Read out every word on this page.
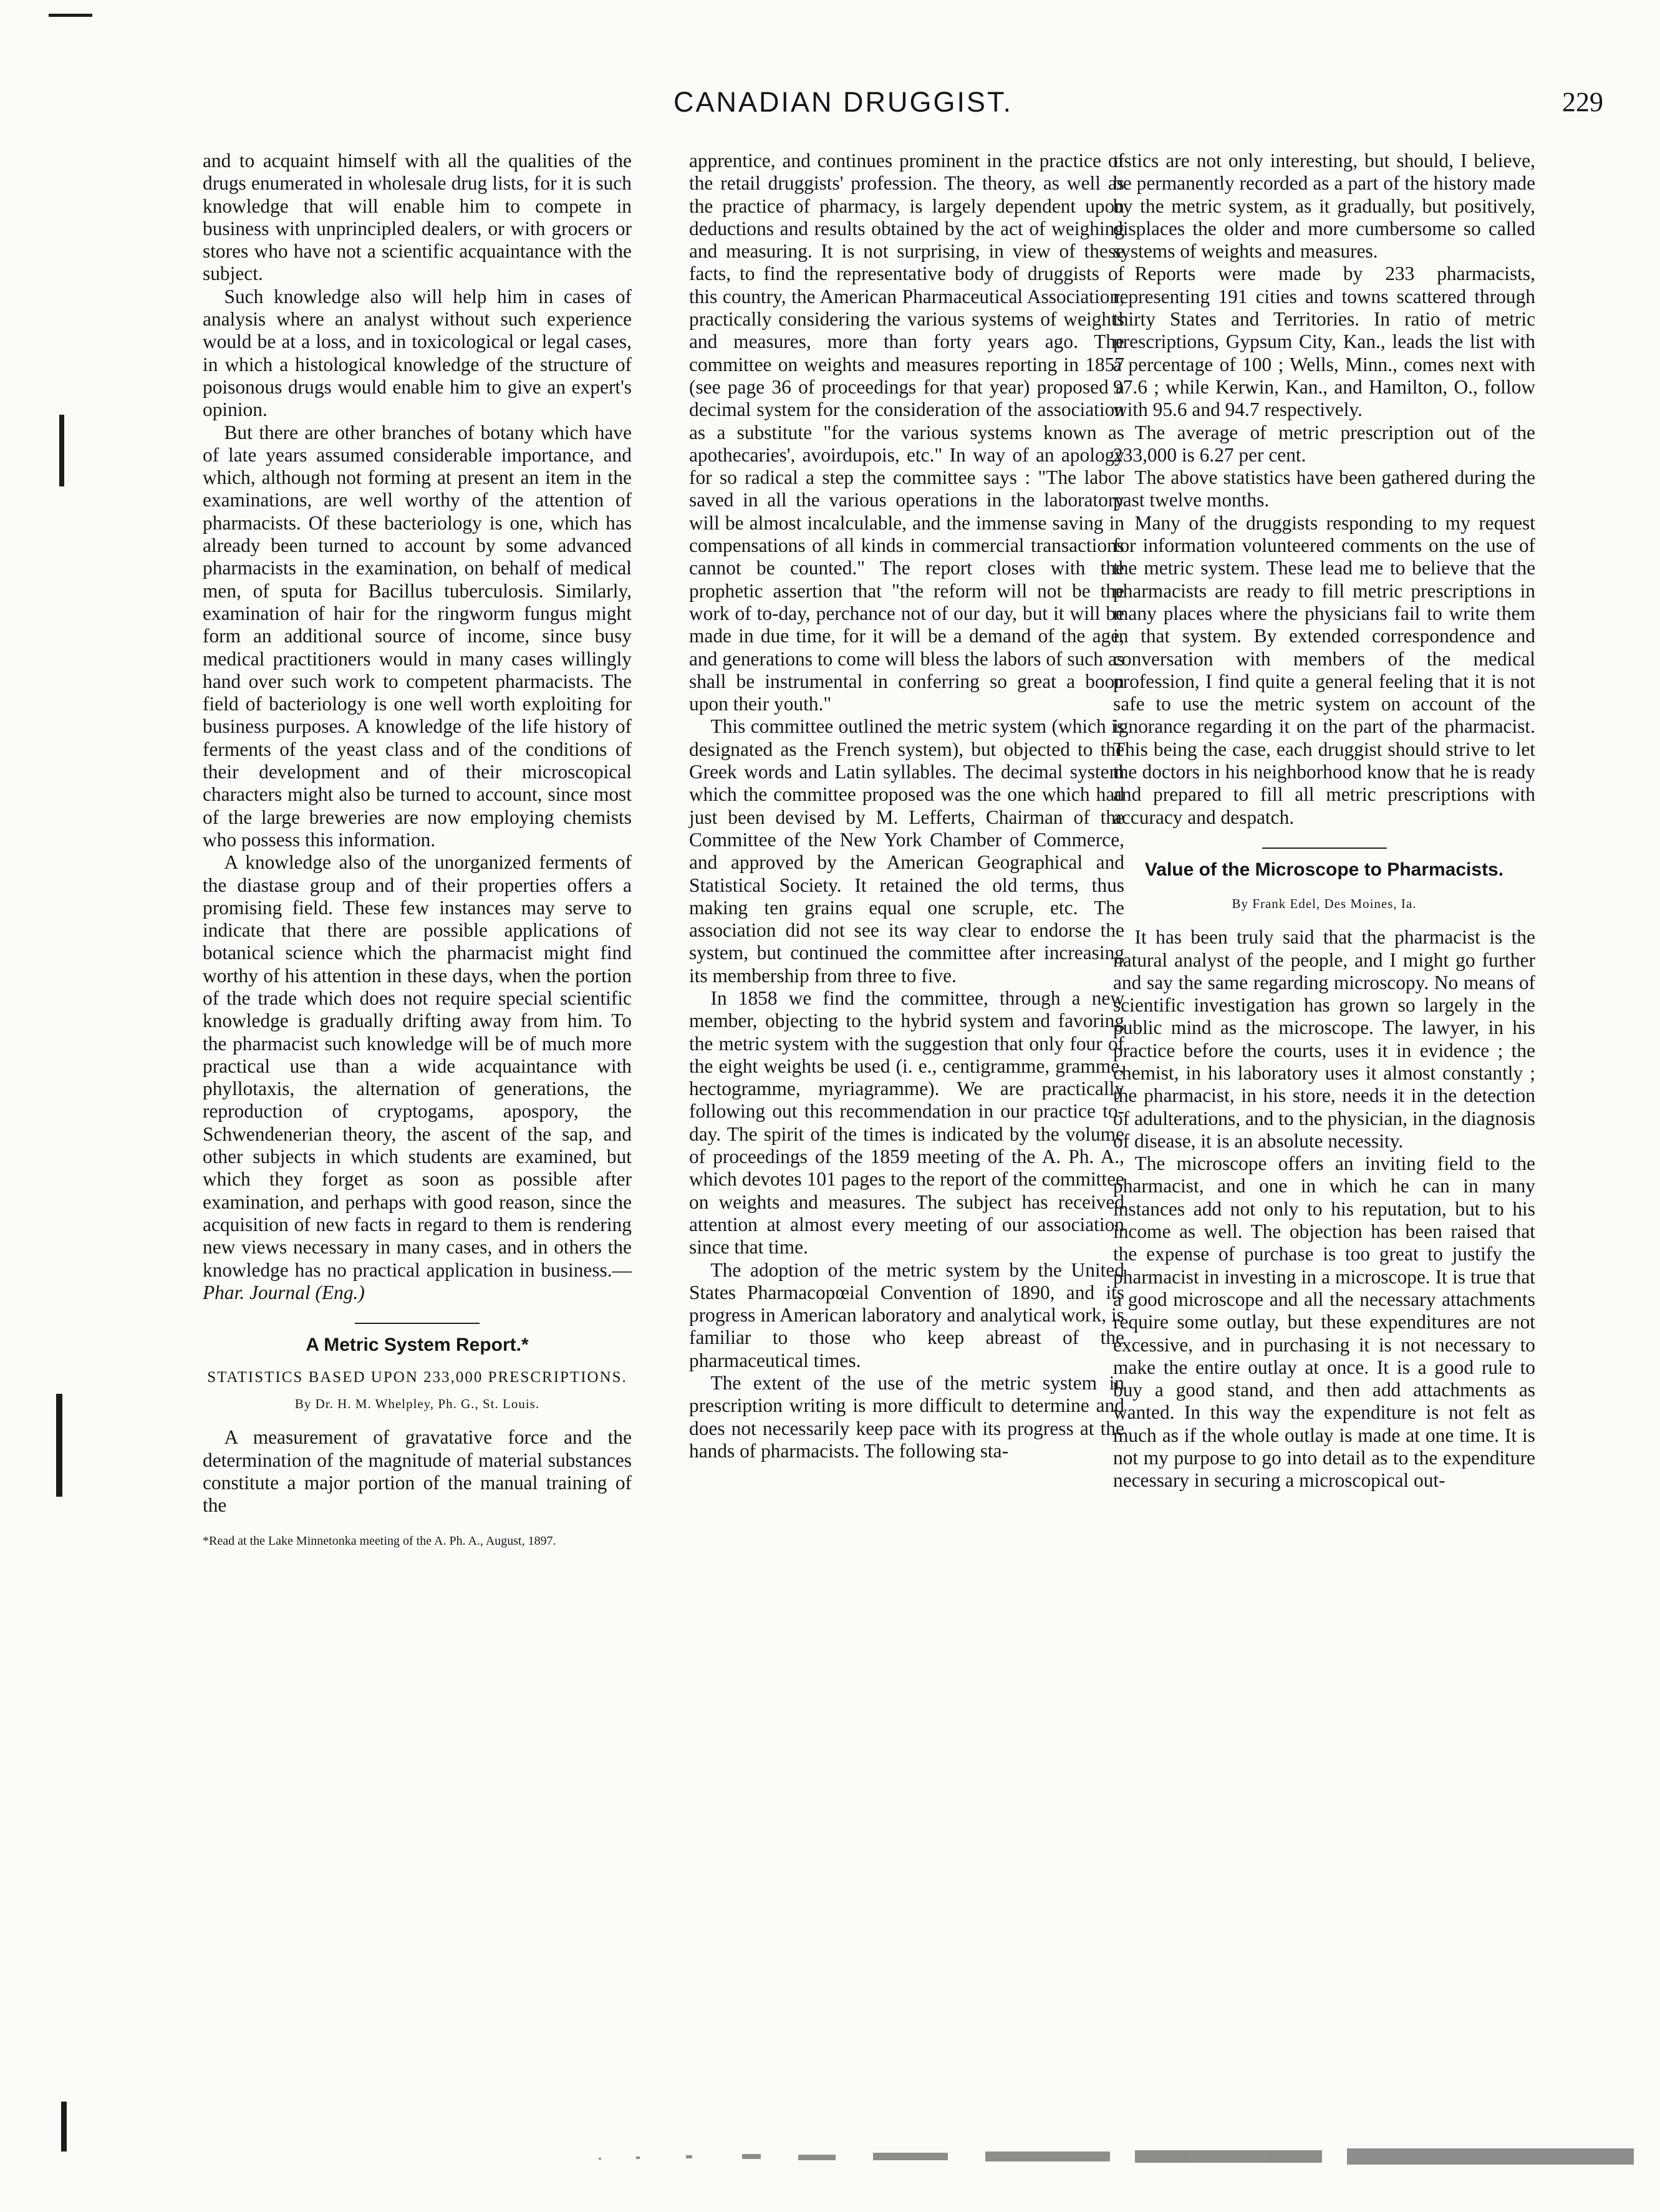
CANADIAN DRUGGIST.	229

and to acquaint himself with all the qualities of the drugs enumerated in wholesale drug lists, for it is such knowledge that will enable him to compete in business with unprincipled dealers, or with grocers or stores who have not a scientific acquaintance with the subject.

Such knowledge also will help him in cases of analysis where an analyst without such experience would be at a loss, and in toxicological or legal cases, in which a histological knowledge of the structure of poisonous drugs would enable him to give an expert's opinion.

But there are other branches of botany which have of late years assumed considerable importance, and which, although not forming at present an item in the examinations, are well worthy of the attention of pharmacists. Of these bacteriology is one, which has already been turned to account by some advanced pharmacists in the examination, on behalf of medical men, of sputa for Bacillus tuberculosis. Similarly, examination of hair for the ringworm fungus might form an additional source of income, since busy medical practitioners would in many cases willingly hand over such work to competent pharmacists. The field of bacteriology is one well worth exploiting for business purposes. A knowledge of the life history of ferments of the yeast class and of the conditions of their development and of their microscopical characters might also be turned to account, since most of the large breweries are now employing chemists who possess this information.

A knowledge also of the unorganized ferments of the diastase group and of their properties offers a promising field. These few instances may serve to indicate that there are possible applications of botanical science which the pharmacist might find worthy of his attention in these days, when the portion of the trade which does not require special scientific knowledge is gradually drifting away from him. To the pharmacist such knowledge will be of much more practical use than a wide acquaintance with phyllotaxis, the alternation of generations, the reproduction of cryptogams, apospory, the Schwendenerian theory, the ascent of the sap, and other subjects in which students are examined, but which they forget as soon as possible after examination, and perhaps with good reason, since the acquisition of new facts in regard to them is rendering new views necessary in many cases, and in others the knowledge has no practical application in business.— Phar. Journal (Eng.)

A Metric System Report.*
STATISTICS BASED UPON 233,000 PRESCRIPTIONS.
By Dr. H. M. Whelpley, Ph. G., St. Louis.

A measurement of gravatative force and the determination of the magnitude of material substances constitute a major portion of the manual training of the

*Read at the Lake Minnetonka meeting of the A. Ph. A., August, 1897.

apprentice, and continues prominent in the practice of the retail druggists' profession. The theory, as well as the practice of pharmacy, is largely dependent upon deductions and results obtained by the act of weighing and measuring. It is not surprising, in view of these facts, to find the representative body of druggists of this country, the American Pharmaceutical Association, practically considering the various systems of weights and measures, more than forty years ago. The committee on weights and measures reporting in 1857 (see page 36 of proceedings for that year) proposed a decimal system for the consideration of the association as a substitute "for the various systems known as apothecaries', avoirdupois, etc." In way of an apology for so radical a step the committee says : "The labor saved in all the various operations in the laboratory will be almost incalculable, and the immense saving in compensations of all kinds in commercial transactions cannot be counted." The report closes with the prophetic assertion that "the reform will not be the work of to-day, perchance not of our day, but it will be made in due time, for it will be a demand of the age, and generations to come will bless the labors of such as shall be instrumental in conferring so great a boon upon their youth."

This committee outlined the metric system (which is designated as the French system), but objected to the Greek words and Latin syllables. The decimal system which the committee proposed was the one which had just been devised by M. Lefferts, Chairman of the Committee of the New York Chamber of Commerce, and approved by the American Geographical and Statistical Society. It retained the old terms, thus making ten grains equal one scruple, etc. The association did not see its way clear to endorse the system, but continued the committee after increasing its membership from three to five.

In 1858 we find the committee, through a new member, objecting to the hybrid system and favoring the metric system with the suggestion that only four of the eight weights be used (i. e., centigramme, gramme, hectogramme, myriagramme). We are practically following out this recommendation in our practice to-day. The spirit of the times is indicated by the volume of proceedings of the 1859 meeting of the A. Ph. A., which devotes 101 pages to the report of the committee on weights and measures. The subject has received attention at almost every meeting of our association since that time.

The adoption of the metric system by the United States Pharmacopœial Convention of 1890, and its progress in American laboratory and analytical work, is familiar to those who keep abreast of the pharmaceutical times.

The extent of the use of the metric system in prescription writing is more difficult to determine and does not necessarily keep pace with its progress at the hands of pharmacists. The following sta-

tistics are not only interesting, but should, I believe, be permanently recorded as a part of the history made by the metric system, as it gradually, but positively, displaces the older and more cumbersome so called systems of weights and measures.

Reports were made by 233 pharmacists, representing 191 cities and towns scattered through thirty States and Territories. In ratio of metric prescriptions, Gypsum City, Kan., leads the list with a percentage of 100 ; Wells, Minn., comes next with 97.6 ; while Kerwin, Kan., and Hamilton, O., follow with 95.6 and 94.7 respectively.

The average of metric prescription out of the 233,000 is 6.27 per cent.

The above statistics have been gathered during the past twelve months.

Many of the druggists responding to my request for information volunteered comments on the use of the metric system. These lead me to believe that the pharmacists are ready to fill metric prescriptions in many places where the physicians fail to write them in that system. By extended correspondence and conversation with members of the medical profession, I find quite a general feeling that it is not safe to use the metric system on account of the ignorance regarding it on the part of the pharmacist. This being the case, each druggist should strive to let the doctors in his neighborhood know that he is ready and prepared to fill all metric prescriptions with accuracy and despatch.

Value of the Microscope to Pharmacists.
By Frank Edel, Des Moines, Ia.

It has been truly said that the pharmacist is the natural analyst of the people, and I might go further and say the same regarding microscopy. No means of scientific investigation has grown so largely in the public mind as the microscope. The lawyer, in his practice before the courts, uses it in evidence ; the chemist, in his laboratory uses it almost constantly ; the pharmacist, in his store, needs it in the detection of adulterations, and to the physician, in the diagnosis of disease, it is an absolute necessity.

The microscope offers an inviting field to the pharmacist, and one in which he can in many instances add not only to his reputation, but to his income as well. The objection has been raised that the expense of purchase is too great to justify the pharmacist in investing in a microscope. It is true that a good microscope and all the necessary attachments require some outlay, but these expenditures are not excessive, and in purchasing it is not necessary to make the entire outlay at once. It is a good rule to buy a good stand, and then add attachments as wanted. In this way the expenditure is not felt as much as if the whole outlay is made at one time. It is not my purpose to go into detail as to the expenditure necessary in securing a microscopical out-
